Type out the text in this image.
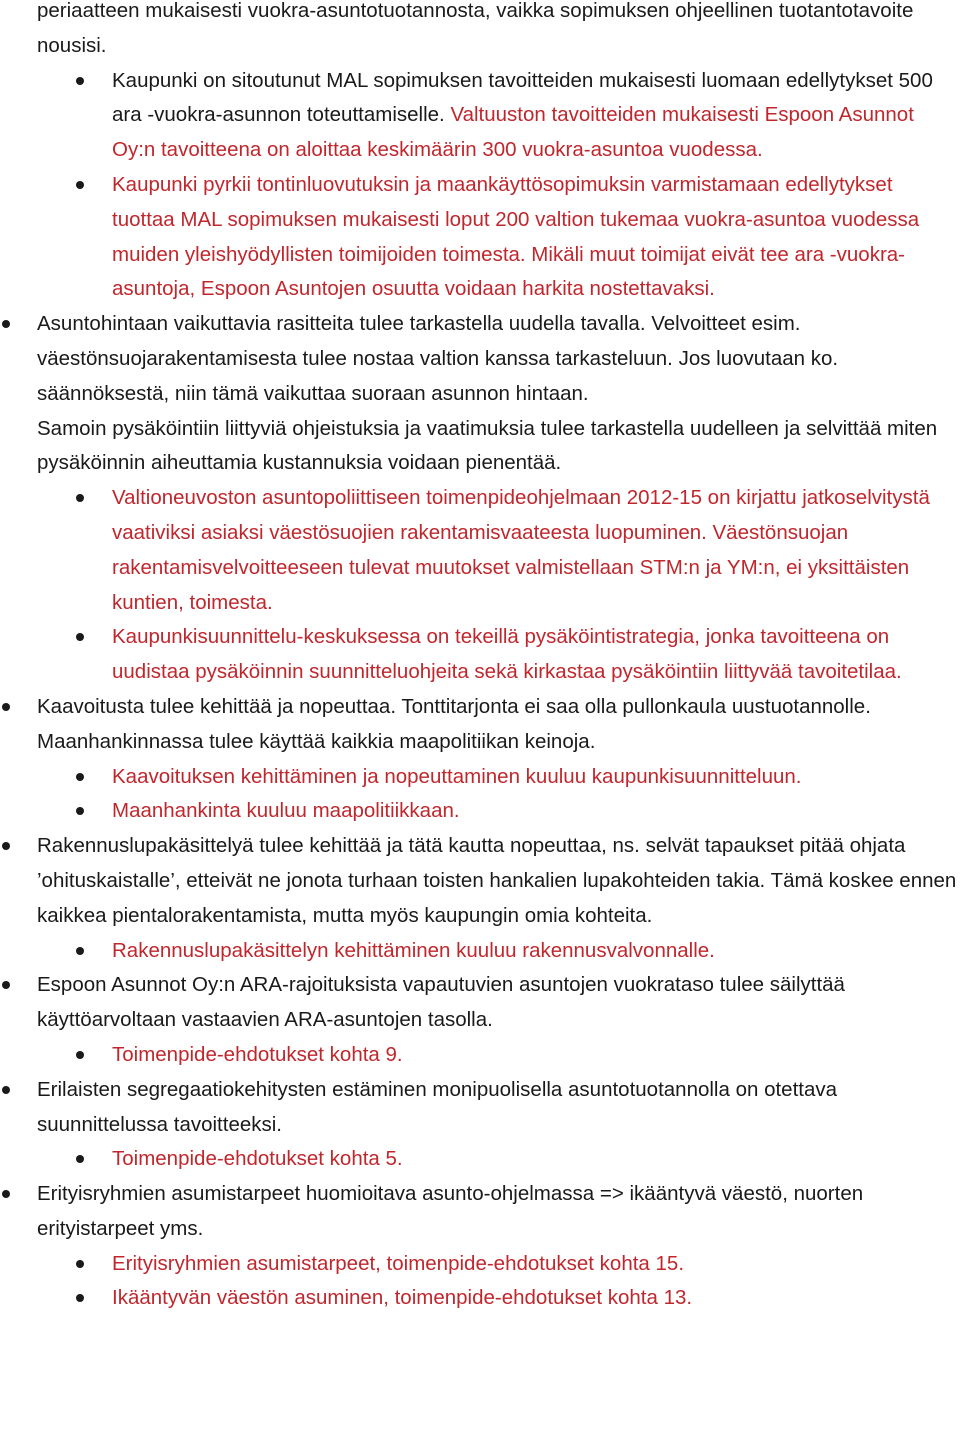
periaatteen mukaisesti vuokra-asuntotuotannosta, vaikka sopimuksen ohjeellinen tuotantotavoite nousisi.
Kaupunki on sitoutunut MAL sopimuksen tavoitteiden mukaisesti luomaan edellytykset 500 ara -vuokra-asunnon toteuttamiselle. Valtuuston tavoitteiden mukaisesti Espoon Asunnot Oy:n tavoitteena on aloittaa keskimäärin 300 vuokra-asuntoa vuodessa.
Kaupunki pyrkii tontinluovutuksin ja maankäyttösopimuksin varmistamaan edellytykset tuottaa MAL sopimuksen mukaisesti loput 200 valtion tukemaa vuokra-asuntoa vuodessa muiden yleishyödyllisten toimijoiden toimesta. Mikäli muut toimijat eivät tee ara -vuokra-asuntoja, Espoon Asuntojen osuutta voidaan harkita nostettavaksi.
Asuntohintaan vaikuttavia rasitteita tulee tarkastella uudella tavalla. Velvoitteet esim. väestönsuojarakentamisesta tulee nostaa valtion kanssa tarkasteluun. Jos luovutaan ko. säännöksestä, niin tämä vaikuttaa suoraan asunnon hintaan.
Samoin pysäköintiin liittyviä ohjeistuksia ja vaatimuksia tulee tarkastella uudelleen ja selvittää miten pysäköinnin aiheuttamia kustannuksia voidaan pienentää.
Valtioneuvoston asuntopoliittiseen toimenpideohjelmaan 2012-15 on kirjattu jatkoselvitystä vaativiksi asiaksi väestösuojien rakentamisvaateesta luopuminen. Väestönsuojan rakentamisvelvoitteeseen tulevat muutokset valmistellaan STM:n ja YM:n, ei yksittäisten kuntien, toimesta.
Kaupunkisuunnittelu-keskuksessa on tekeillä pysäköintistrategia, jonka tavoitteena on uudistaa pysäköinnin suunnitteluohjeita sekä kirkastaa pysäköintiin liittyvää tavoitetilaa.
Kaavoitusta tulee kehittää ja nopeuttaa. Tonttitarjonta ei saa olla pullonkaula uustuotannolle. Maanhankinnassa tulee käyttää kaikkia maapolitiikan keinoja.
Kaavoituksen kehittäminen ja nopeuttaminen kuuluu kaupunkisuunnitteluun.
Maanhankinta kuuluu maapolitiikkaan.
Rakennuslupakäsittelyä tulee kehittää ja tätä kautta nopeuttaa, ns. selvät tapaukset pitää ohjata ’ohituskaistalle’, etteivät ne jonota turhaan toisten hankalien lupakohteiden takia. Tämä koskee ennen kaikkea pientalorakentamista, mutta myös kaupungin omia kohteita.
Rakennuslupakäsittelyn kehittäminen kuuluu rakennusvalvonnalle.
Espoon Asunnot Oy:n ARA-rajoituksista vapautuvien asuntojen vuokrataso tulee säilyttää käyttöarvoltaan vastaavien ARA-asuntojen tasolla.
Toimenpide-ehdotukset kohta 9.
Erilaisten segregaatiokehitysten estäminen monipuolisella asuntotuotannolla on otettava suunnittelussa tavoitteeksi.
Toimenpide-ehdotukset kohta 5.
Erityisryhmien asumistarpeet huomioitava asunto-ohjelmassa => ikääntyvä väestö, nuorten erityistarpeet yms.
Erityisryhmien asumistarpeet, toimenpide-ehdotukset kohta 15.
Ikääntyvän väestön asuminen, toimenpide-ehdotukset kohta 13.
